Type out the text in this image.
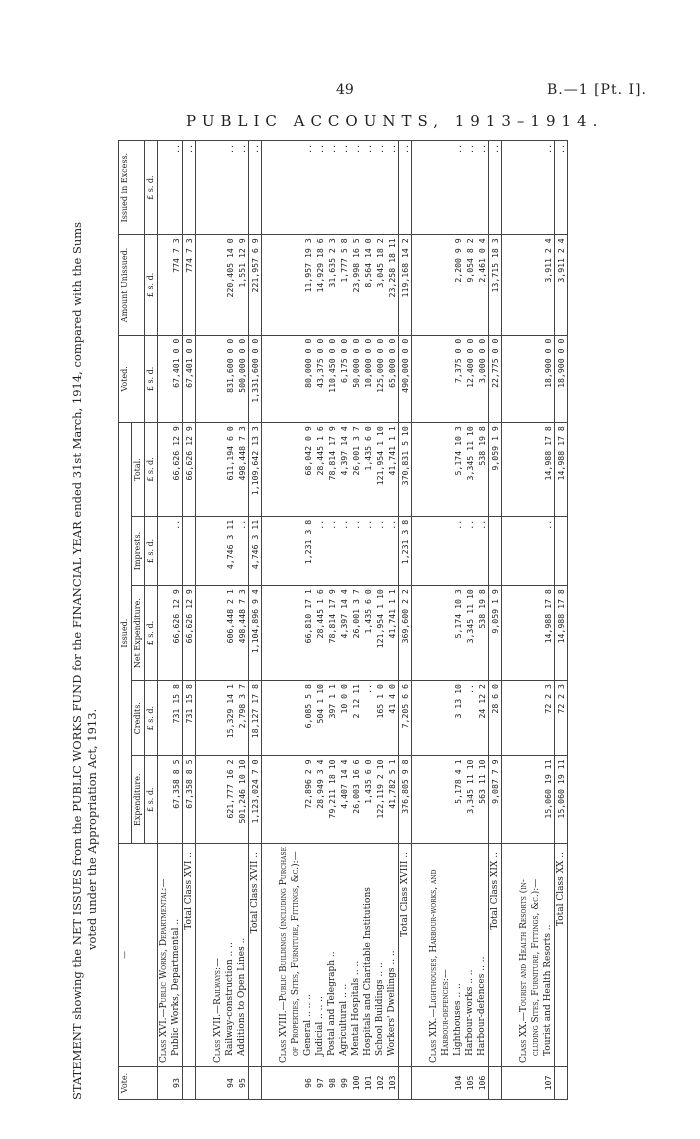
49	B.—1 [Pt. I].
PUBLIC ACCOUNTS, 1913–1914.
STATEMENT showing the NET ISSUES from the PUBLIC WORKS FUND for the FINANCIAL YEAR ended 31st March, 1914, compared with the Sums voted under the Appropriation Act, 1913.
Vote.	—	Issued.					Voted.	Amount Unissued.	Issued in Excess.
		Expenditure.	Credits.	Net Expenditure.	Imprests.	Total.			
		£ s. d.	£ s. d.	£ s. d.	£ s. d.	£ s. d.	£ s. d.	£ s. d.	£ s. d.
	Class XVI.—Public Works, Departmental:—								
93	Public Works, Departmental ..	67,358 8 5	731 15 8	66,626 12 9	..	66,626 12 9	67,401 0 0	774 7 3	..
	Total Class XVI ..	67,358 8 5	731 15 8	66,626 12 9		66,626 12 9	67,401 0 0	774 7 3	..

	Class XVII.—Railways:—								
94	Railway-construction .. ..	621,777 16 2	15,329 14 1	606,448 2 1	4,746 3 11	611,194 6 0	831,600 0 0	220,405 14 0	..
95	Additions to Open Lines ..	501,246 10 10	2,798 3 7	498,448 7 3	..	498,448 7 3	500,000 0 0	1,551 12 9	..
	Total Class XVII ..	1,123,024 7 0	18,127 17 8	1,104,896 9 4	4,746 3 11	1,109,642 13 3	1,331,600 0 0	221,957 6 9	..

	Class XVIII.—Public Buildings (including Purchase								
	of Properties, Sites, Furniture, Fittings, &c.):—								
96	General .. .. ..	72,896 2 9	6,085 5 8	66,810 17 1	1,231 3 8	68,042 0 9	80,000 0 0	11,957 19 3	..
97	Judicial .. .. ..	28,949 3 4	504 1 10	28,445 1 6	..	28,445 1 6	43,375 0 0	14,929 18 6	..
98	Postal and Telegraph ..	79,211 18 10	397 1 1	78,814 17 9	..	78,814 17 9	110,450 0 0	31,635 2 3	..
99	Agricultural .. ..	4,407 14 4	10 0 0	4,397 14 4	..	4,397 14 4	6,175 0 0	1,777 5 8	..
100	Mental Hospitals .. ..	26,003 16 6	2 12 11	26,001 3 7	..	26,001 3 7	50,000 0 0	23,998 16 5	..
101	Hospitals and Charitable Institutions	1,435 6 0	..	1,435 6 0	..	1,435 6 0	10,000 0 0	8,564 14 0	..
102	School Buildings .. ..	122,119 2 10	165 1 0	121,954 1 10	..	121,954 1 10	125,000 0 0	3,045 18 2	..
103	Workers' Dwellings .. ..	41,782 5 1	41 4 0	41,741 1 1	..	41,741 1 1	65,000 0 0	23,258 18 11	..
	Total Class XVIII ..	376,805 9 8	7,205 6 6	369,600 2 2	1,231 3 8	370,831 5 10	490,000 0 0	119,168 14 2	..

	Class XIX.—Lighthouses, Harbour-works, and								
	Harbour-defences:—								
104	Lighthouses .. ..	5,178 4 1	3 13 10	5,174 10 3	..	5,174 10 3	7,375 0 0	2,200 9 9	..
105	Harbour-works .. ..	3,345 11 10	..	3,345 11 10	..	3,345 11 10	12,400 0 0	9,054 8 2	..
106	Harbour-defences .. ..	563 11 10	24 12 2	538 19 8	..	538 19 8	3,000 0 0	2,461 0 4	..
	Total Class XIX ..	9,087 7 9	28 6 0	9,059 1 9		9,059 1 9	22,775 0 0	13,715 18 3	..

	Class XX.—Tourist and Health Resorts (in-								
	cluding Sites, Furniture, Fittings, &c.):—								
107	Tourist and Health Resorts ..	15,060 19 11	72 2 3	14,988 17 8	..	14,988 17 8	18,900 0 0	3,911 2 4	..
	Total Class XX ..	15,060 19 11	72 2 3	14,988 17 8		14,988 17 8	18,900 0 0	3,911 2 4	..
